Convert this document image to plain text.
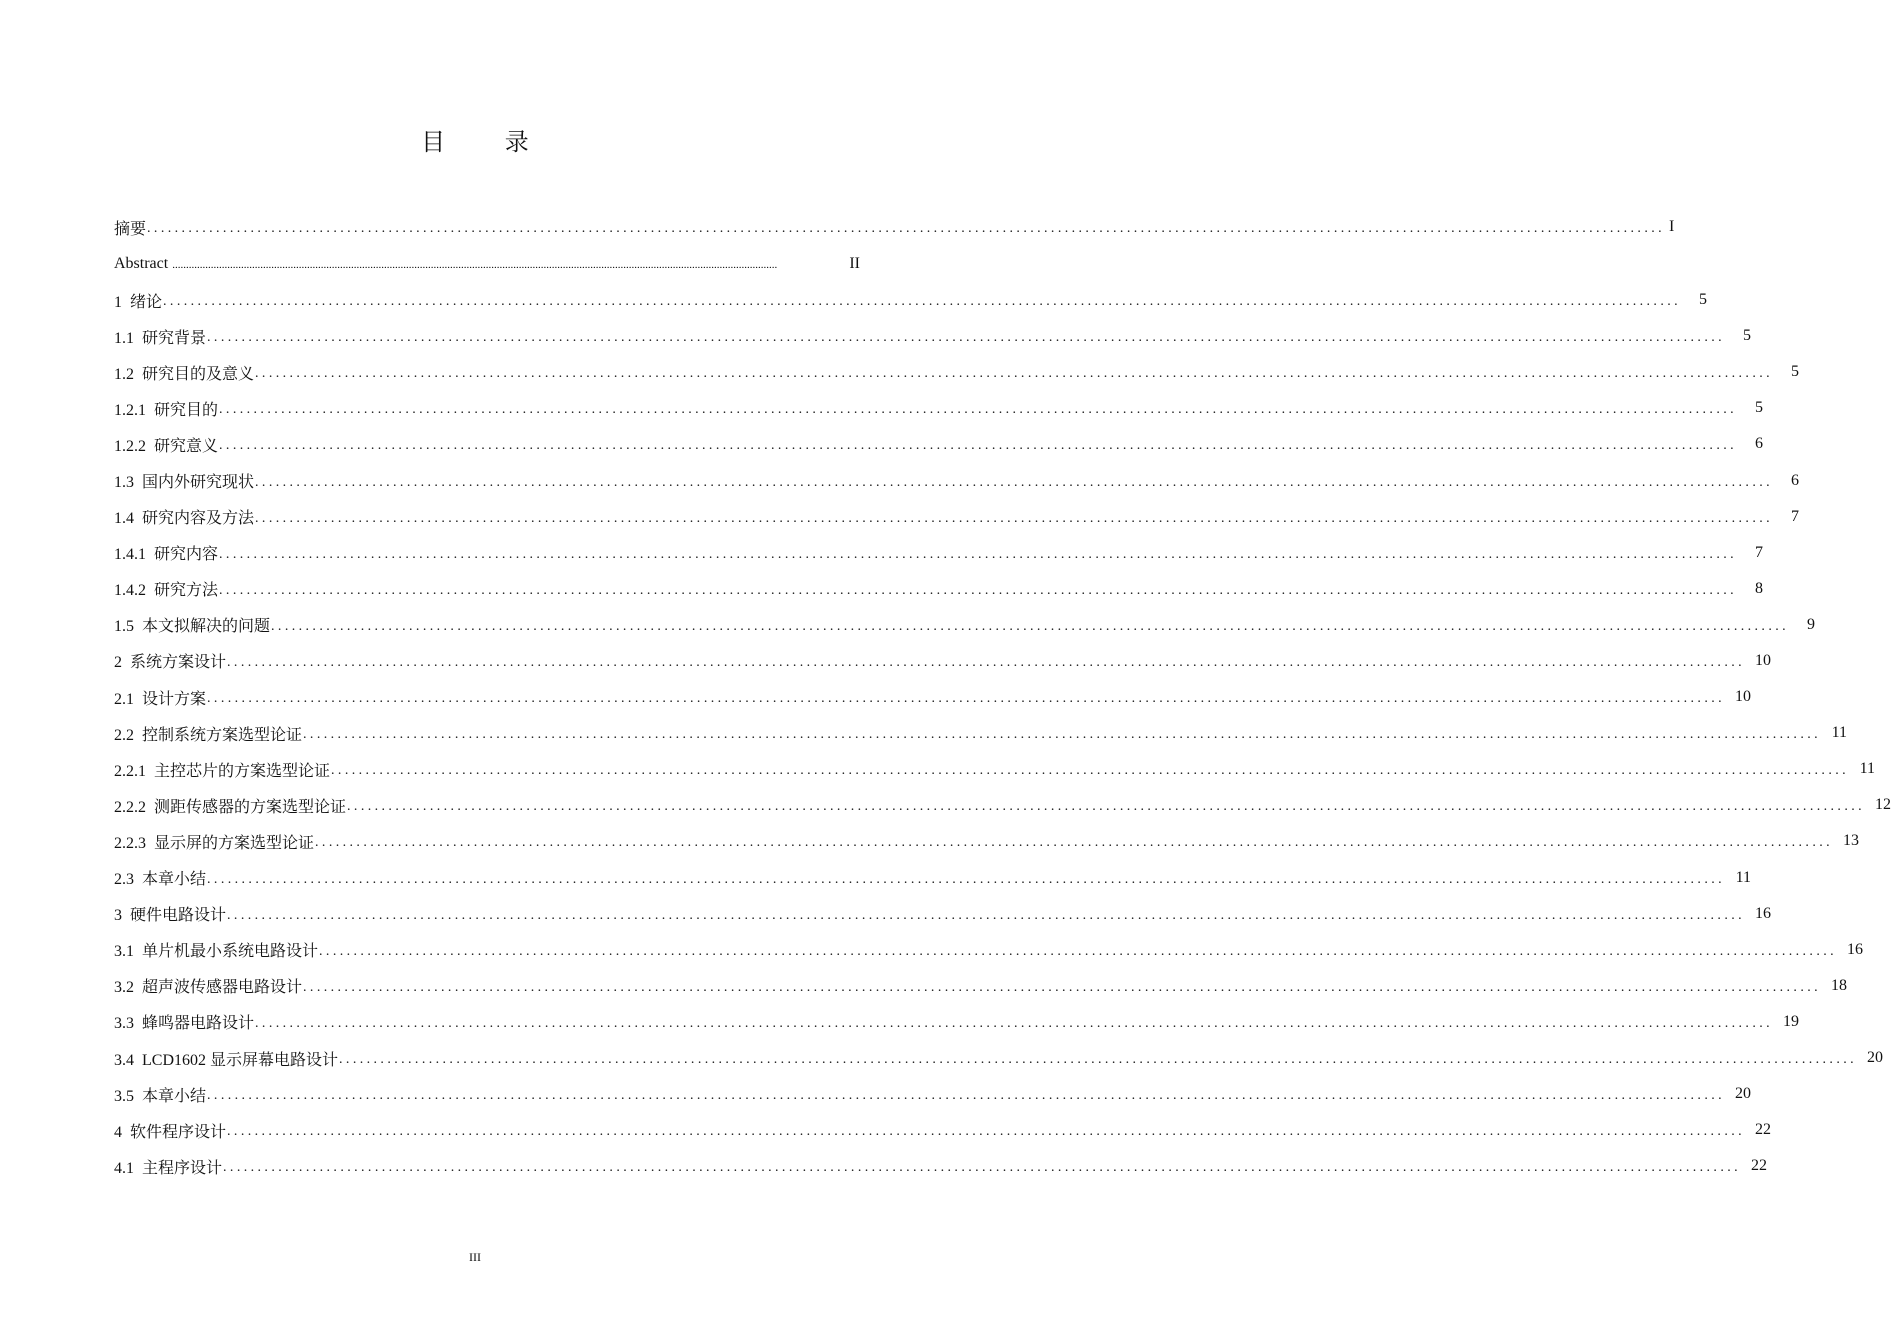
目 录
摘要 ............................................................................................................................................................................................................................ I
Abstract ............................................................................................................................................................................................................................	II
1 绪论 ............................................................................................................................................................................................................................	5
1.1 研究背景 ............................................................................................................................................................................................................................	5
1.2 研究目的及意义 ............................................................................................................................................................................................................................	5
1.2.1 研究目的 ............................................................................................................................................................................................................................	5
1.2.2 研究意义 ............................................................................................................................................................................................................................	6
1.3 国内外研究现状 ............................................................................................................................................................................................................................	6
1.4 研究内容及方法 ............................................................................................................................................................................................................................	7
1.4.1 研究内容 ............................................................................................................................................................................................................................	7
1.4.2 研究方法 ............................................................................................................................................................................................................................	8
1.5 本文拟解决的问题 ............................................................................................................................................................................................................................	9
2 系统方案设计 ............................................................................................................................................................................................................................ 10
2.1 设计方案 ............................................................................................................................................................................................................................ 10
2.2 控制系统方案选型论证 ............................................................................................................................................................................................................................ 11
2.2.1 主控芯片的方案选型论证 ............................................................................................................................................................................................................................ 11
2.2.2 测距传感器的方案选型论证 ............................................................................................................................................................................................................................ 12
2.2.3 显示屏的方案选型论证 ............................................................................................................................................................................................................................ 13
2.3 本章小结 ............................................................................................................................................................................................................................ 11
3 硬件电路设计 ............................................................................................................................................................................................................................ 16
3.1 单片机最小系统电路设计 ............................................................................................................................................................................................................................ 16
3.2 超声波传感器电路设计 ............................................................................................................................................................................................................................ 18
3.3 蜂鸣器电路设计 ............................................................................................................................................................................................................................ 19
3.4 LCD1602 显示屏幕电路设计 ............................................................................................................................................................................................................................ 20
3.5 本章小结 ............................................................................................................................................................................................................................ 20
4 软件程序设计 ............................................................................................................................................................................................................................ 22
4.1 主程序设计 ............................................................................................................................................................................................................................ 22
III
